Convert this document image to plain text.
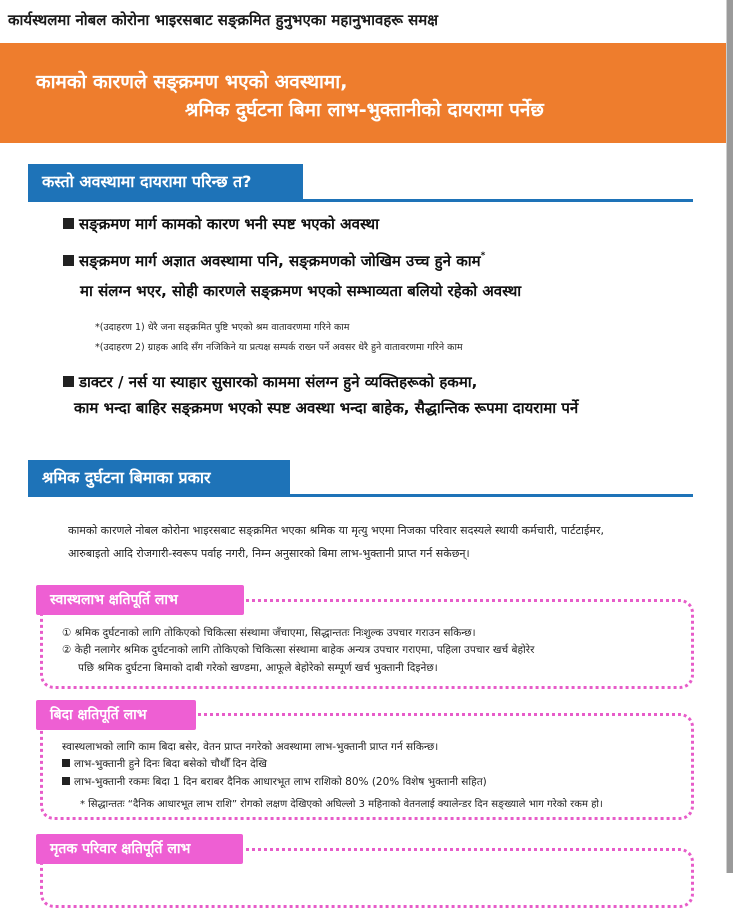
कार्यस्थलमा नोबल कोरोना भाइरसबाट सङ्क्रमित हुनुभएका महानुभावहरू समक्ष
कामको कारणले सङ्क्रमण भएको अवस्थामा,
श्रमिक दुर्घटना बिमा लाभ-भुक्तानीको दायरामा पर्नेछ
कस्तो अवस्थामा दायरामा परिन्छ त?
सङ्क्रमण मार्ग कामको कारण भनी स्पष्ट भएको अवस्था
सङ्क्रमण मार्ग अज्ञात अवस्थामा पनि, सङ्क्रमणको जोखिम उच्च हुने काम*
मा संलग्न भएर, सोही कारणले सङ्क्रमण भएको सम्भाव्यता बलियो रहेको अवस्था
*(उदाहरण 1) धेरै जना सङ्क्रमित पुष्टि भएको श्रम वातावरणमा गरिने काम
*(उदाहरण 2) ग्राहक आदि सँग नजिकिने या प्रत्यक्ष सम्पर्क राख्न पर्ने अवसर धेरै हुने वातावरणमा गरिने काम
डाक्टर / नर्स या स्याहार सुसारको काममा संलग्न हुने व्यक्तिहरूको हकमा,
काम भन्दा बाहिर सङ्क्रमण भएको स्पष्ट अवस्था भन्दा बाहेक, सैद्धान्तिक रूपमा दायरामा पर्ने
श्रमिक दुर्घटना बिमाका प्रकार
कामको कारणले नोबल कोरोना भाइरसबाट सङ्क्रमित भएका श्रमिक या मृत्यु भएमा निजका परिवार सदस्यले स्थायी कर्मचारी, पार्टटाईमर,
आरुबाइतो आदि रोजगारी-स्वरूप पर्वाह नगरी, निम्न अनुसारको बिमा लाभ-भुक्तानी प्राप्त गर्न सकेछन्।
स्वास्थलाभ क्षतिपूर्ति लाभ
① श्रमिक दुर्घटनाको लागि तोकिएको चिकित्सा संस्थामा जँचाएमा, सिद्धान्ततः निःशुल्क उपचार गराउन सकिन्छ।
② केही नलागेर श्रमिक दुर्घटनाको लागि तोकिएको चिकित्सा संस्थामा बाहेक अन्यत्र उपचार गराएमा, पहिला उपचार खर्च बेहोरेर
पछि श्रमिक दुर्घटना बिमाको दाबी गरेको खण्डमा, आफूले बेहोरेको सम्पूर्ण खर्च भुक्तानी दिइनेछ।
बिदा क्षतिपूर्ति लाभ
स्वास्थलाभको लागि काम बिदा बसेर, वेतन प्राप्त नगरेको अवस्थामा लाभ-भुक्तानी प्राप्त गर्न सकिन्छ।
लाभ-भुक्तानी हुने दिनः बिदा बसेको चौथौँ दिन देखि
लाभ-भुक्तानी रकमः बिदा 1 दिन बराबर दैनिक आधारभूत लाभ राशिको 80% (20% विशेष भुक्तानी सहित)
* सिद्धान्ततः “दैनिक आधारभूत लाभ राशि” रोगको लक्षण देखिएको अघिल्लो 3 महिनाको वेतनलाई क्यालेन्डर दिन सङ्ख्याले भाग गरेको रकम हो।
मृतक परिवार क्षतिपूर्ति लाभ
